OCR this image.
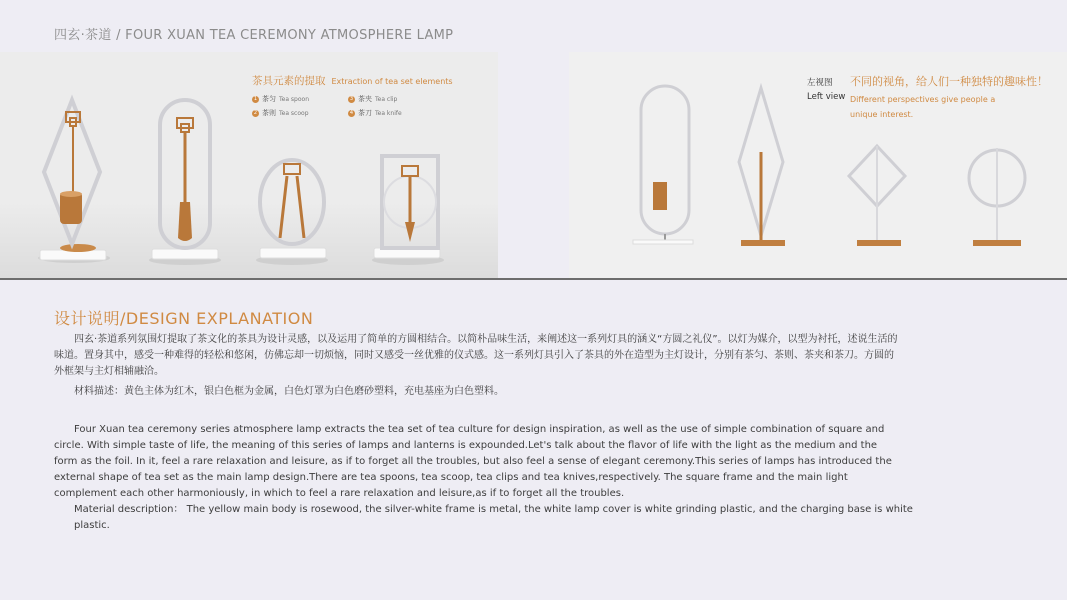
四玄·茶道 / FOUR XUAN TEA CEREMONY ATMOSPHERE LAMP
茶具元素的提取 Extraction of tea set elements
1 茶匀 Tea spoon
2 茶则 Tea scoop
3 茶夹 Tea clip
4 茶刀 Tea knife
左视图
Left view
不同的视角，给人们一种独特的趣味性！
Different perspectives give people a unique interest.
设计说明/DESIGN EXPLANATION

四玄·茶道系列氛围灯提取了茶文化的茶具为设计灵感，以及运用了简单的方圆相结合。以简朴品味生活，来阐述这一系列灯具的涵义“方圆之礼仪”。以灯为媒介，以型为衬托，述说生活的味道。置身其中，感受一种难得的轻松和悠闲，仿佛忘却一切烦恼，同时又感受一丝优雅的仪式感。这一系列灯具引入了茶具的外在造型为主灯设计，分别有茶匀、茶则、茶夹和茶刀。方圆的外框架与主灯相辅融洽。

材料描述：黄色主体为红木，银白色框为金属，白色灯罩为白色磨砂塑料，充电基座为白色塑料。

Four Xuan tea ceremony series atmosphere lamp extracts the tea set of tea culture for design inspiration, as well as the use of simple combination of square and circle. With simple taste of life, the meaning of this series of lamps and lanterns is expounded.Let's talk about the flavor of life with the light as the medium and the form as the foil. In it, feel a rare relaxation and leisure, as if to forget all the troubles, but also feel a sense of elegant ceremony.This series of lamps has introduced the external shape of tea set as the main lamp design.There are tea spoons, tea scoop, tea clips and tea knives,respectively. The square frame and the main light complement each other harmoniously, in which to feel a rare relaxation and leisure,as if to forget all the troubles.

Material description： The yellow main body is rosewood, the silver-white frame is metal, the white lamp cover is white grinding plastic, and the charging base is white plastic.
